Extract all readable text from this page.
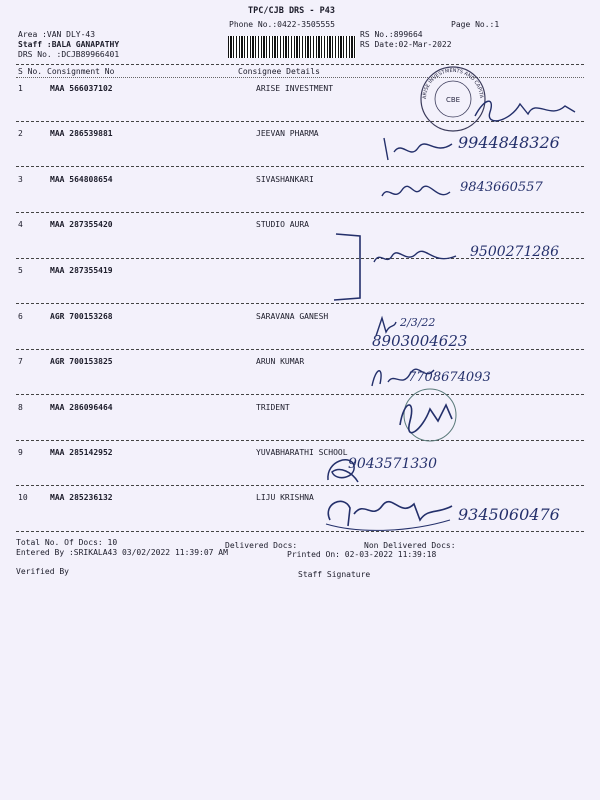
TPC/CJB DRS - P43
Phone No.:0422-3505555	Page No.:1
Area :VAN DLY-43
Staff :BALA GANAPATHY
DRS No. :DCJB89966401
RS No.:899664
RS Date:02-Mar-2022
S No. Consignment No	Consignee Details
1	MAA 566037102	ARISE INVESTMENT
2	MAA 286539881	JEEVAN PHARMA
3	MAA 564808654	SIVASHANKARI
4	MAA 287355420	STUDIO AURA
5	MAA 287355419
6	AGR 700153268	SARAVANA GANESH
7	AGR 700153825	ARUN KUMAR
8	MAA 286096464	TRIDENT
9	MAA 285142952	YUVABHARATHI SCHOOL
10	MAA 285236132	LIJU KRISHNA
ARISE INVESTMENTS AND CAPITA
CBE
9944848326
9843660557
9500271286
2/3/22
8903004623
7708674093
9043571330
9345060476
Total No. Of Docs: 10	Delivered Docs:	Non Delivered Docs:
Entered By :SRIKALA43 03/02/2022 11:39:07 AM	Printed On: 02-03-2022 11:39:18
Verified By	Staff Signature
